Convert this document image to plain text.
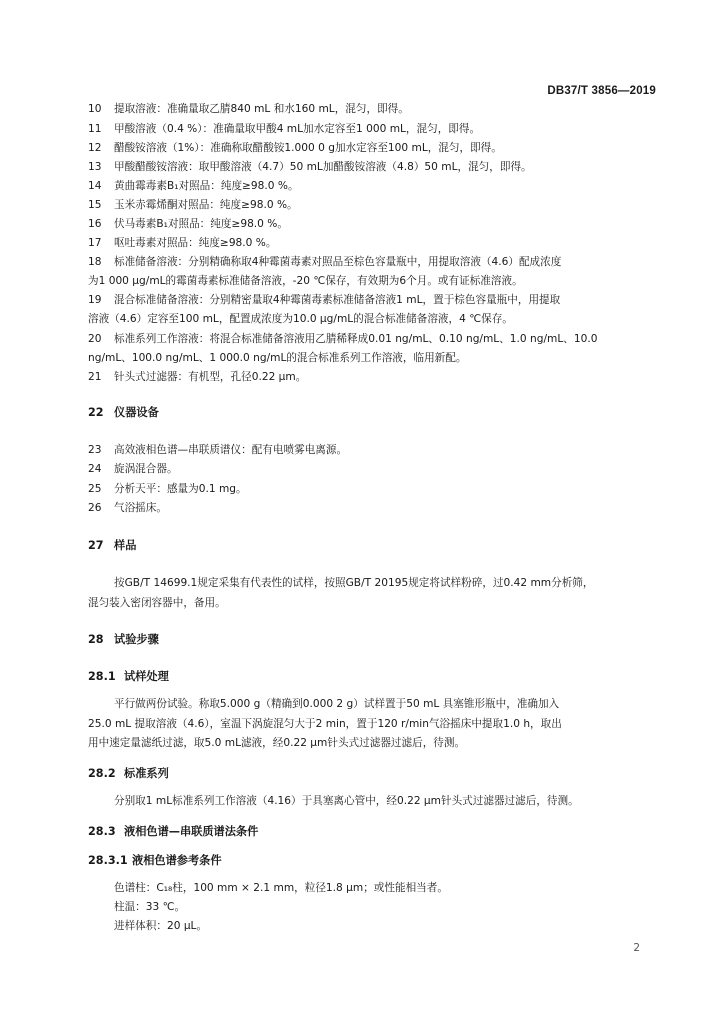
DB37/T 3856—2019
10 提取溶液：准确量取乙腈840 mL 和水160 mL，混匀，即得。
11 甲酸溶液（0.4 %）：准确量取甲酸4 mL加水定容至1 000 mL，混匀，即得。
12 醋酸铵溶液（1%）：准确称取醋酸铵1.000 0 g加水定容至100 mL，混匀，即得。
13 甲酸醋酸铵溶液：取甲酸溶液（4.7）50 mL加醋酸铵溶液（4.8）50 mL，混匀，即得。
14 黄曲霉毒素B₁对照品：纯度≥98.0 %。
15 玉米赤霉烯酮对照品：纯度≥98.0 %。
16 伏马毒素B₁对照品：纯度≥98.0 %。
17 呕吐毒素对照品：纯度≥98.0 %。
18 标准储备溶液：分别精确称取4种霉菌毒素对照品至棕色容量瓶中，用提取溶液（4.6）配成浓度
为1 000 μg/mL的霉菌毒素标准储备溶液，-20 ℃保存，有效期为6个月。或有证标准溶液。
19 混合标准储备溶液：分别精密量取4种霉菌毒素标准储备溶液1 mL，置于棕色容量瓶中，用提取
溶液（4.6）定容至100 mL，配置成浓度为10.0 μg/mL的混合标准储备溶液，4 ℃保存。
20 标准系列工作溶液：将混合标准储备溶液用乙腈稀释成0.01 ng/mL、0.10 ng/mL、1.0 ng/mL、10.0
ng/mL、100.0 ng/mL、1 000.0 ng/mL的混合标准系列工作溶液，临用新配。
21 针头式过滤器：有机型，孔径0.22 μm。
22 仪器设备
23 高效液相色谱—串联质谱仪：配有电喷雾电离源。
24 旋涡混合器。
25 分析天平：感量为0.1 mg。
26 气浴摇床。
27 样品
按GB/T 14699.1规定采集有代表性的试样，按照GB/T 20195规定将试样粉碎，过0.42 mm分析筛，
混匀装入密闭容器中，备用。
28 试验步骤
28.1 试样处理
平行做两份试验。称取5.000 g（精确到0.000 2 g）试样置于50 mL 具塞锥形瓶中，准确加入
25.0 mL 提取溶液（4.6），室温下涡旋混匀大于2 min，置于120 r/min气浴摇床中提取1.0 h，取出
用中速定量滤纸过滤，取5.0 mL滤液，经0.22 μm针头式过滤器过滤后，待测。
28.2 标准系列
分别取1 mL标准系列工作溶液（4.16）于具塞离心管中，经0.22 μm针头式过滤器过滤后，待测。
28.3 液相色谱—串联质谱法条件
28.3.1 液相色谱参考条件
色谱柱：C₁₈柱，100 mm × 2.1 mm，粒径1.8 μm；或性能相当者。
柱温：33 ℃。
进样体积：20 μL。
2
